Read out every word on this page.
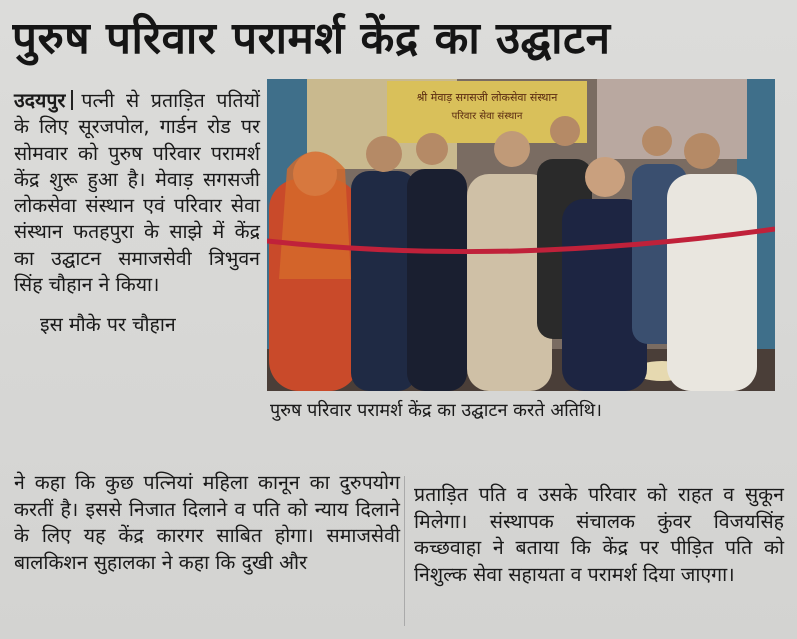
पुरुष परिवार परामर्श केंद्र का उद्घाटन

उदयपुर पत्नी से प्रताड़ित पतियों के लिए सूरजपोल, गार्डन रोड पर सोमवार को पुरुष परिवार परामर्श केंद्र शुरू हुआ है। मेवाड़ सगसजी लोकसेवा संस्थान एवं परिवार सेवा संस्थान फतहपुरा के साझे में केंद्र का उद्घाटन समाजसेवी त्रिभुवन सिंह चौहान ने किया।

इस मौके पर चौहान

श्री मेवाड़ सगसजी लोकसेवा संस्थान
परिवार सेवा संस्थान
पुरुष परिवार परामर्श केंद्र का उद्घाटन करते अतिथि।
ने कहा कि कुछ पत्नियां महिला कानून का दुरुपयोग करतीं है। इससे निजात दिलाने व पति को न्याय दिलाने के लिए यह केंद्र कारगर साबित होगा। समाजसेवी बालकिशन सुहालका ने कहा कि दुखी और
प्रताड़ित पति व उसके परिवार को राहत व सुकून मिलेगा। संस्थापक संचालक कुंवर विजयसिंह कच्छवाहा ने बताया कि केंद्र पर पीड़ित पति को निशुल्क सेवा सहायता व परामर्श दिया जाएगा।
